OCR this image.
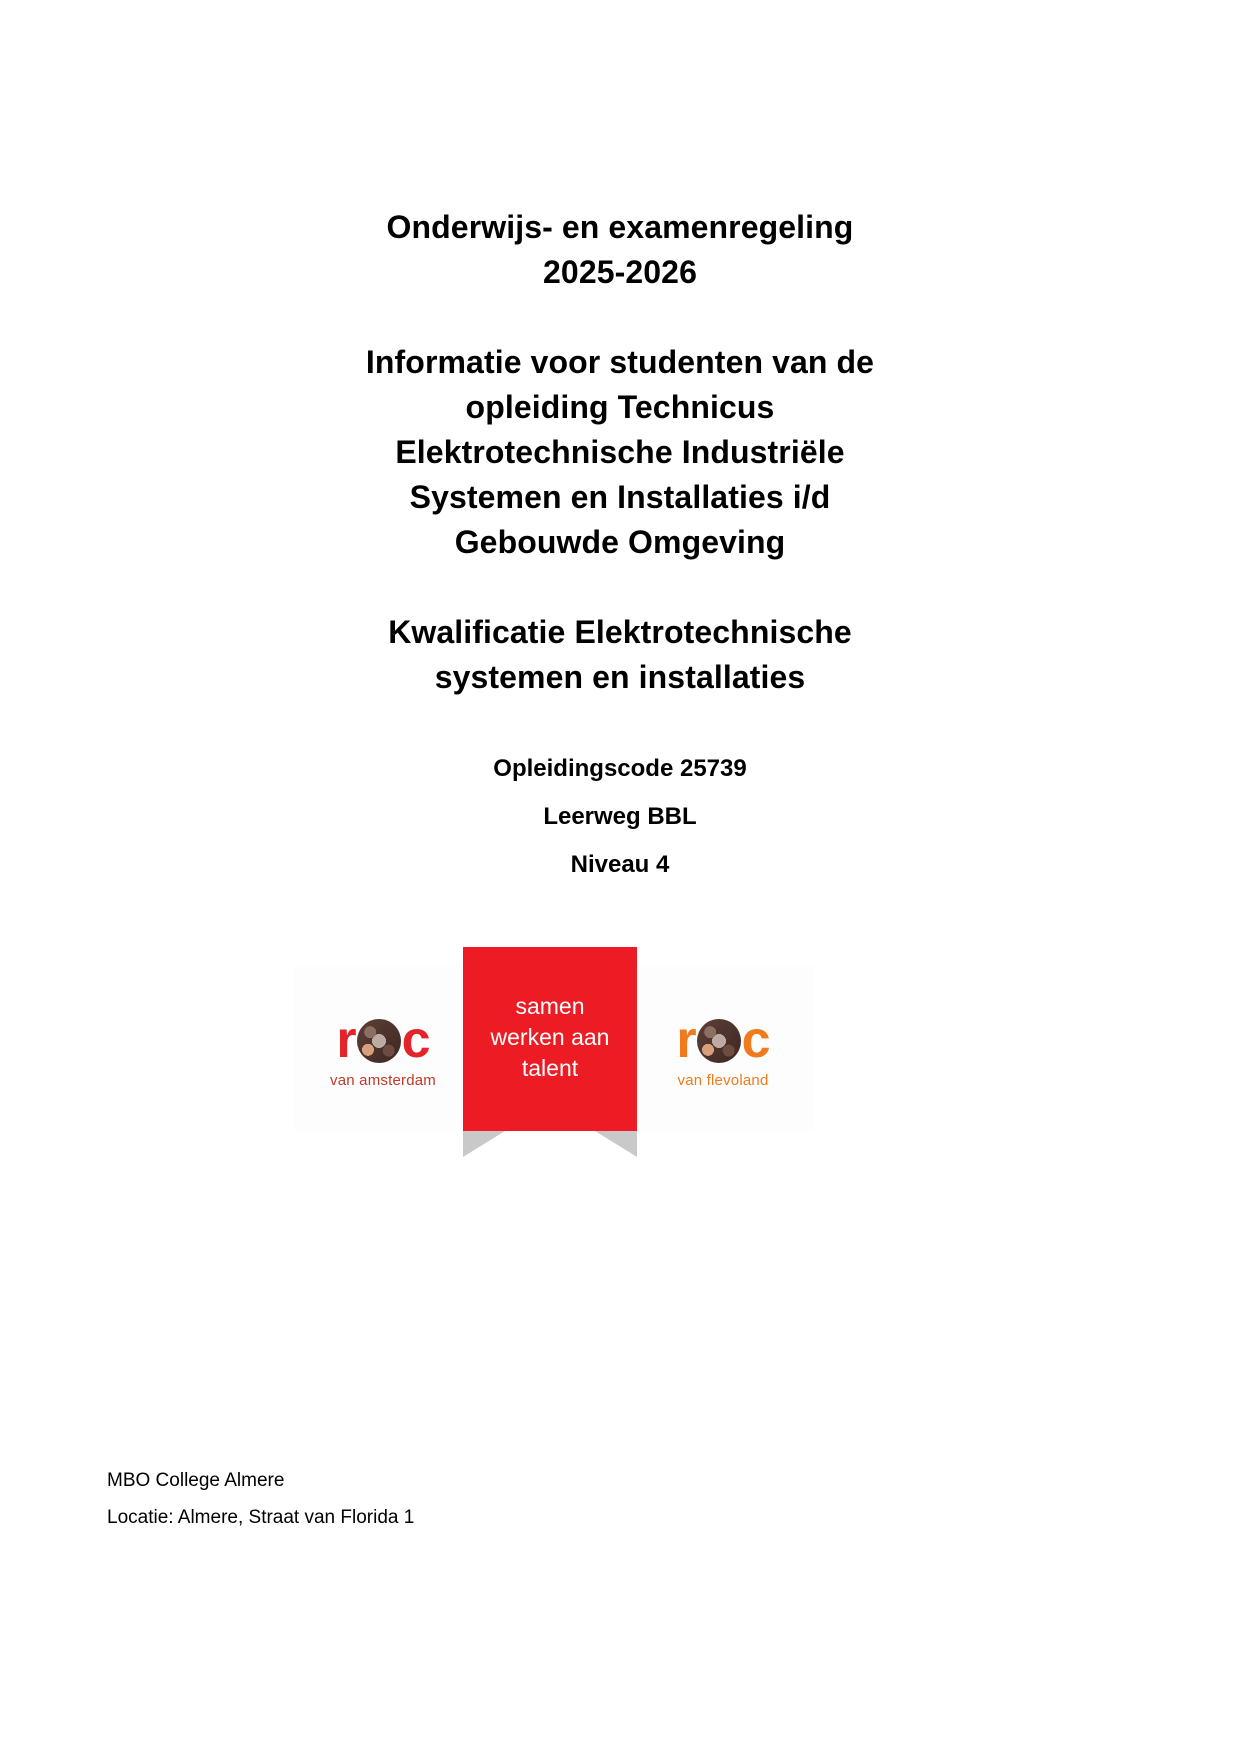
Onderwijs- en examenregeling
2025-2026
Informatie voor studenten van de
opleiding Technicus
Elektrotechnische Industriële
Systemen en Installaties i/d
Gebouwde Omgeving
Kwalificatie Elektrotechnische
systemen en installaties
Opleidingscode 25739
Leerweg BBL
Niveau 4
r c
van amsterdam
r c
van flevoland
samen
werken aan
talent
MBO College Almere
Locatie: Almere, Straat van Florida 1
